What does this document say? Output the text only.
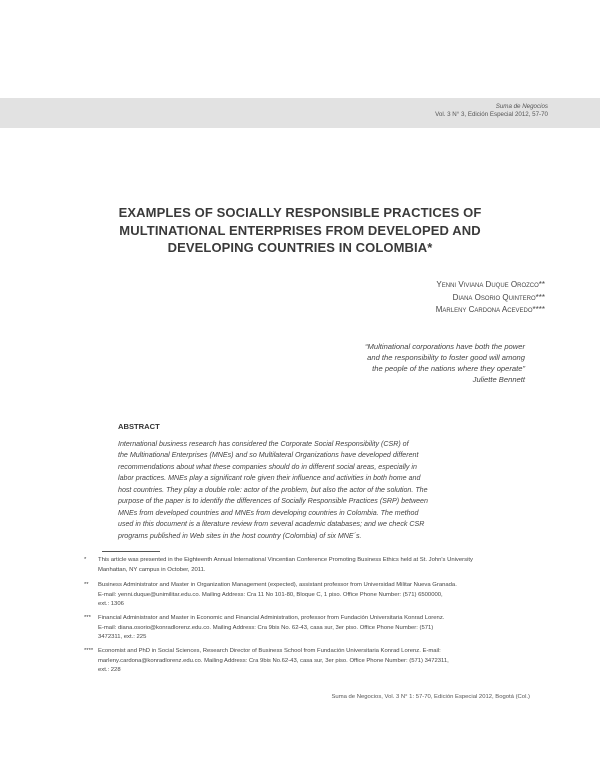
Suma de Negocios
Vol. 3 N° 3, Edición Especial 2012, 57-70
EXAMPLES OF SOCIALLY RESPONSIBLE PRACTICES OF
MULTINATIONAL ENTERPRISES FROM DEVELOPED AND
DEVELOPING COUNTRIES IN COLOMBIA*
Yenni Viviana Duque Orozco**
Diana Osorio Quintero***
Marleny Cardona Acevedo****
“Multinational corporations have both the power
and the responsibility to foster good will among
the people of the nations where they operate”
Juliette Bennett
ABSTRACT
International business research has considered the Corporate Social Responsibility (CSR) of
the Multinational Enterprises (MNEs) and so Multilateral Organizations have developed different
recommendations about what these companies should do in different social areas, especially in
labor practices. MNEs play a significant role given their influence and activities in both home and
host countries. They play a double role: actor of the problem, but also the actor of the solution. The
purpose of the paper is to identify the differences of Socially Responsible Practices (SRP) between
MNEs from developed countries and MNEs from developing countries in Colombia. The method
used in this document is a literature review from several academic databases; and we check CSR
programs published in Web sites in the host country (Colombia) of six MNE´s.
* This article was presented in the Eighteenth Annual International Vincentian Conference Promoting Business Ethics held at St. John's University
Manhattan, NY campus in October, 2011.
** Business Administrator and Master in Organization Management (expected), assistant professor from Universidad Militar Nueva Granada.
E-mail: yenni.duque@unimilitar.edu.co. Mailing Address: Cra 11 No 101-80, Bloque C, 1 piso. Office Phone Number: (571) 6500000,
ext.: 1306
*** Financial Administrator and Master in Economic and Financial Administration, professor from Fundación Universitaria Konrad Lorenz.
E-mail: diana.osorio@konradlorenz.edu.co. Mailing Address: Cra 9bis No. 62-43, casa sur, 3er piso. Office Phone Number: (571)
3472311, ext.: 225
**** Economist and PhD in Social Sciences, Research Director of Business School from Fundación Universitaria Konrad Lorenz. E-mail:
marleny.cardona@konradlorenz.edu.co. Mailing Address: Cra 9bis No.62-43, casa sur, 3er piso. Office Phone Number: (571) 3472311,
ext.: 228
Suma de Negocios, Vol. 3 N° 1: 57-70, Edición Especial 2012, Bogotá (Col.)
